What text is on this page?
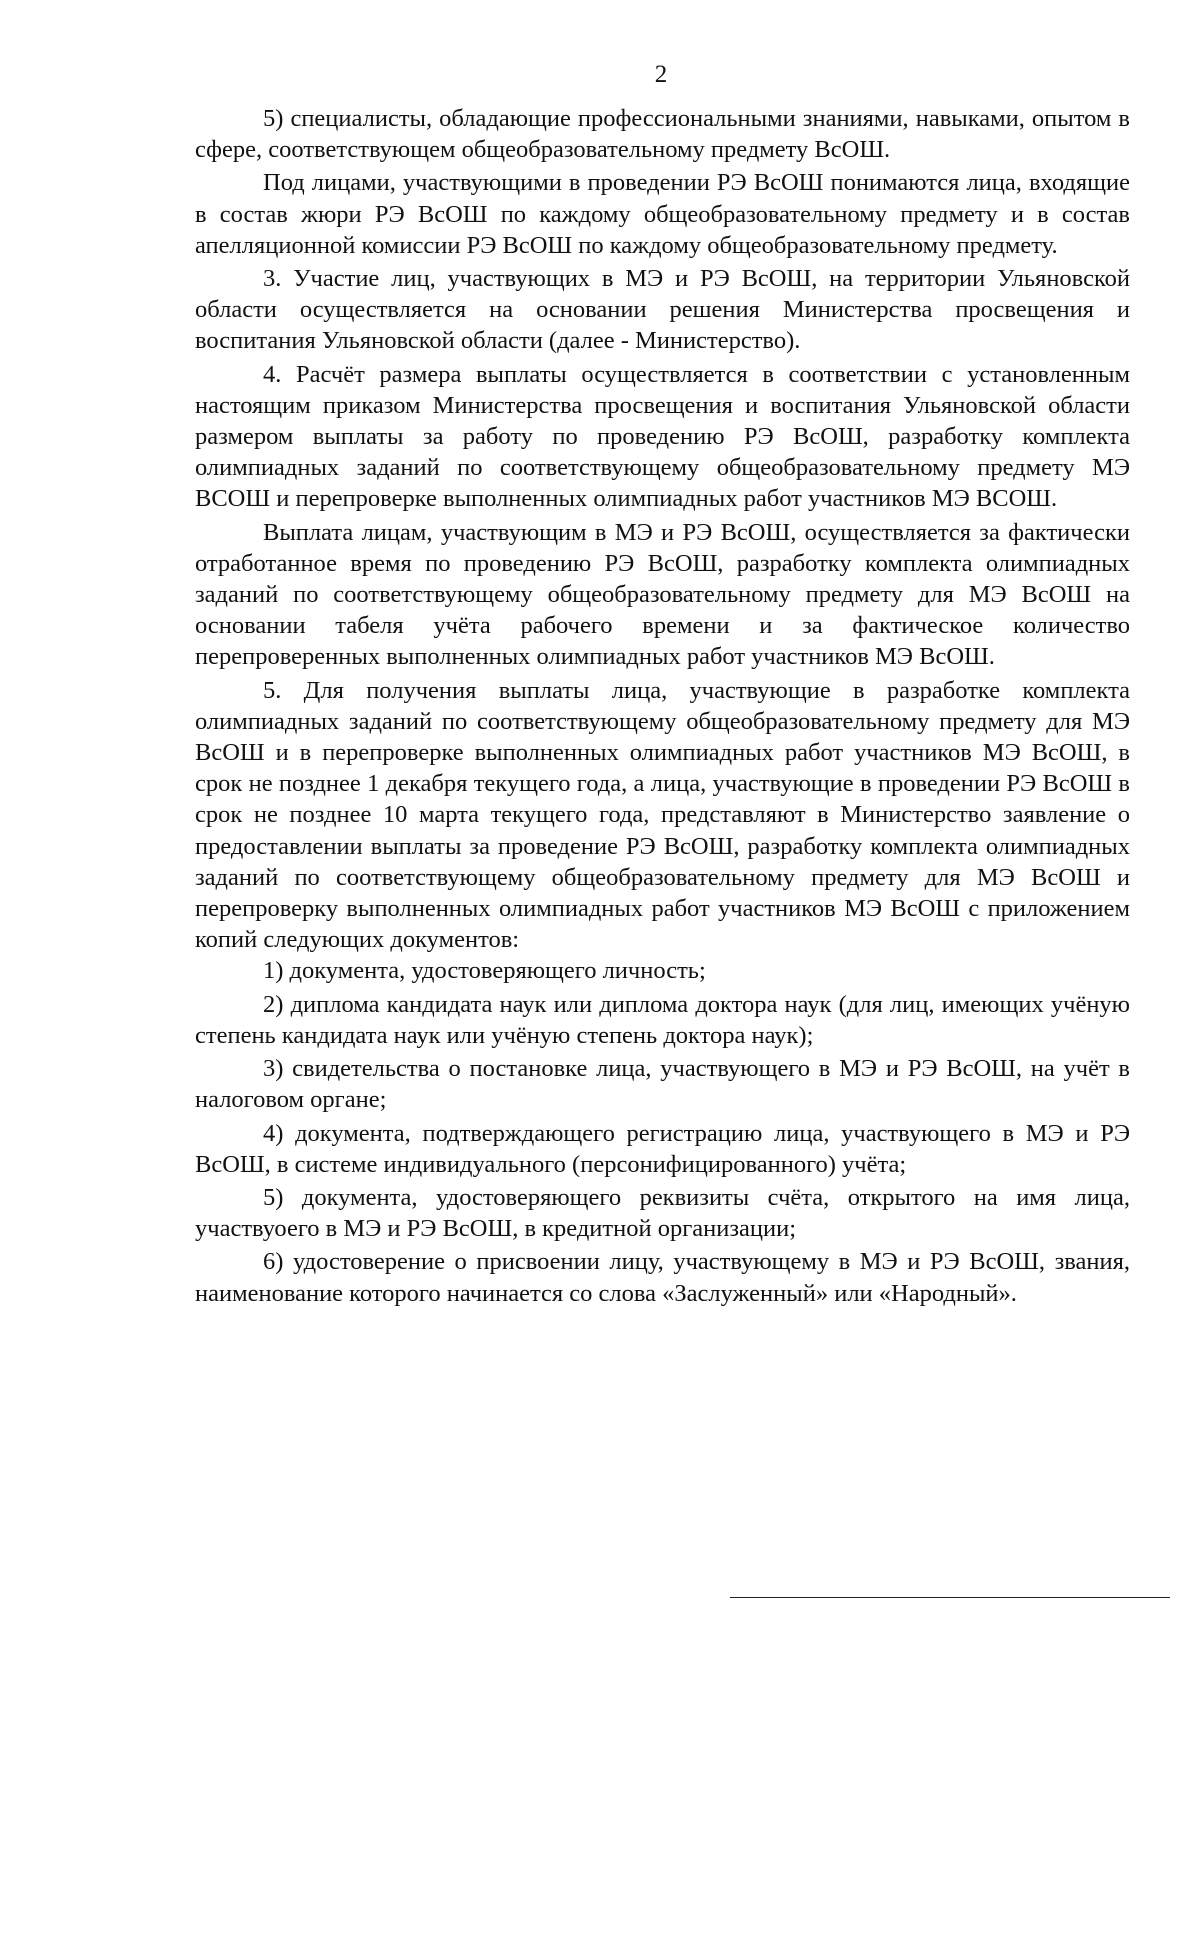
2

5) специалисты, обладающие профессиональными знаниями, навыками, опытом в сфере, соответствующем общеобразовательному предмету ВсОШ.

Под лицами, участвующими в проведении РЭ ВсОШ понимаются лица, входящие в состав жюри РЭ ВсОШ по каждому общеобразовательному предмету и в состав апелляционной комиссии РЭ ВсОШ по каждому общеобразовательному предмету.

3. Участие лиц, участвующих в МЭ и РЭ ВсОШ, на территории Ульяновской области осуществляется на основании решения Министерства просвещения и воспитания Ульяновской области (далее - Министерство).

4. Расчёт размера выплаты осуществляется в соответствии с установленным настоящим приказом Министерства просвещения и воспитания Ульяновской области размером выплаты за работу по проведению РЭ ВсОШ, разработку комплекта олимпиадных заданий по соответствующему общеобразовательному предмету МЭ ВСОШ и перепроверке выполненных олимпиадных работ участников МЭ ВСОШ.

Выплата лицам, участвующим в МЭ и РЭ ВсОШ, осуществляется за фактически отработанное время по проведению РЭ ВсОШ, разработку комплекта олимпиадных заданий по соответствующему общеобразовательному предмету для МЭ ВсОШ на основании табеля учёта рабочего времени и за фактическое количество перепроверенных выполненных олимпиадных работ участников МЭ ВсОШ.

5. Для получения выплаты лица, участвующие в разработке комплекта олимпиадных заданий по соответствующему общеобразовательному предмету для МЭ ВсОШ и в перепроверке выполненных олимпиадных работ участников МЭ ВсОШ, в срок не позднее 1 декабря текущего года, а лица, участвующие в проведении РЭ ВсОШ в срок не позднее 10 марта текущего года, представляют в Министерство заявление о предоставлении выплаты за проведение РЭ ВсОШ, разработку комплекта олимпиадных заданий по соответствующему общеобразовательному предмету для МЭ ВсОШ и перепроверку выполненных олимпиадных работ участников МЭ ВсОШ с приложением копий следующих документов:

1) документа, удостоверяющего личность;

2) диплома кандидата наук или диплома доктора наук (для лиц, имеющих учёную степень кандидата наук или учёную степень доктора наук);

3) свидетельства о постановке лица, участвующего в МЭ и РЭ ВсОШ, на учёт в налоговом органе;

4) документа, подтверждающего регистрацию лица, участвующего в МЭ и РЭ ВсОШ, в системе индивидуального (персонифицированного) учёта;

5) документа, удостоверяющего реквизиты счёта, открытого на имя лица, участвуоего в МЭ и РЭ ВсОШ, в кредитной организации;

6) удостоверение о присвоении лицу, участвующему в МЭ и РЭ ВсОШ, звания, наименование которого начинается со слова «Заслуженный» или «Народный».
